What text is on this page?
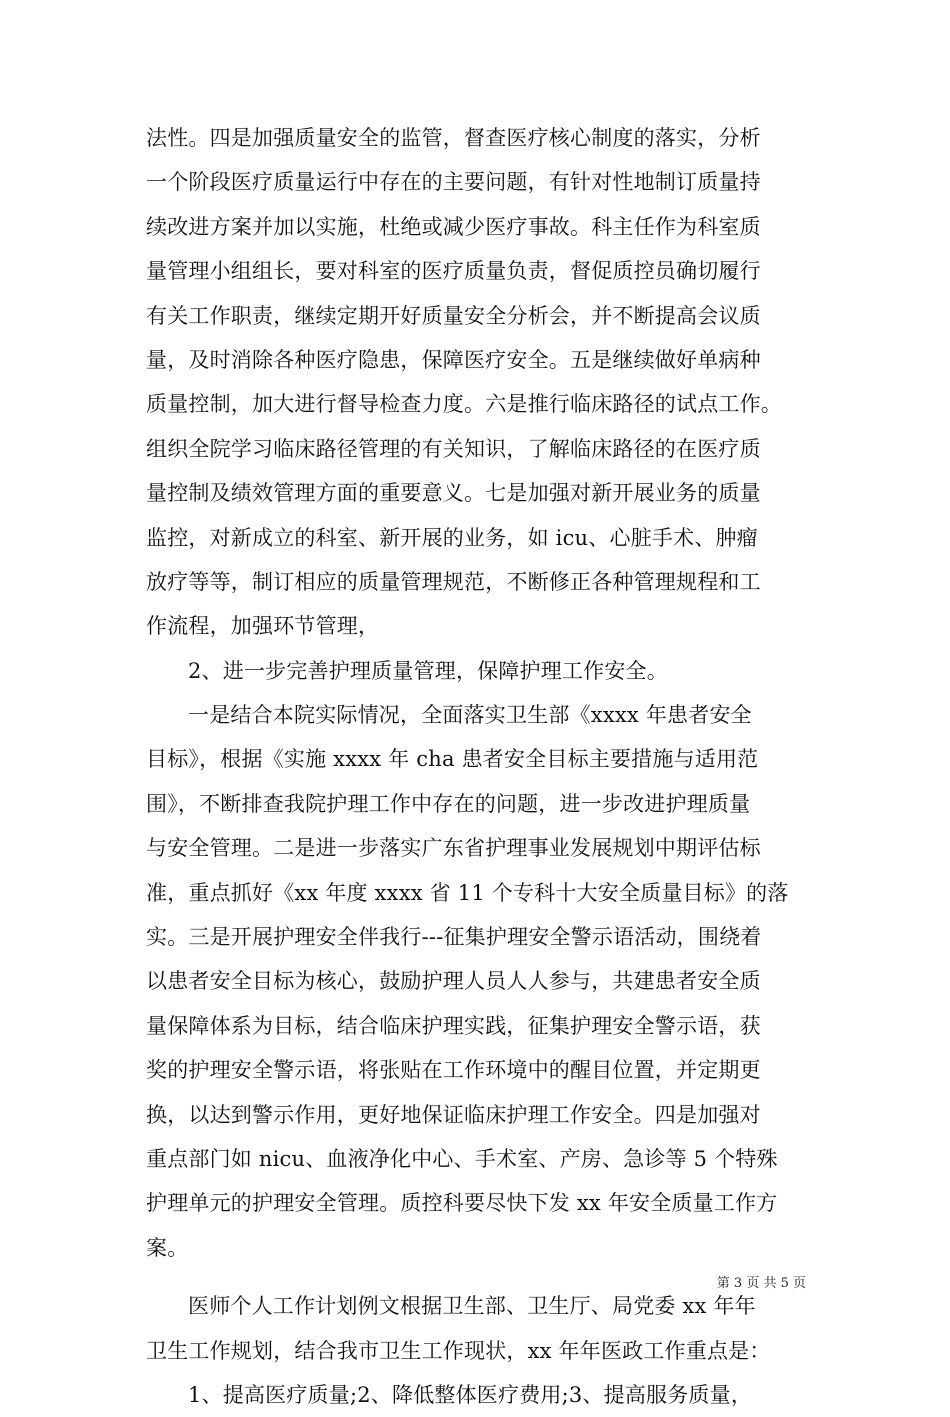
法性。四是加强质量安全的监管，督查医疗核心制度的落实，分析
一个阶段医疗质量运行中存在的主要问题，有针对性地制订质量持
续改进方案并加以实施，杜绝或减少医疗事故。科主任作为科室质
量管理小组组长，要对科室的医疗质量负责，督促质控员确切履行
有关工作职责，继续定期开好质量安全分析会，并不断提高会议质
量，及时消除各种医疗隐患，保障医疗安全。五是继续做好单病种
质量控制，加大进行督导检查力度。六是推行临床路径的试点工作。
组织全院学习临床路径管理的有关知识，了解临床路径的在医疗质
量控制及绩效管理方面的重要意义。七是加强对新开展业务的质量
监控，对新成立的科室、新开展的业务，如 icu、心脏手术、肿瘤
放疗等等，制订相应的质量管理规范，不断修正各种管理规程和工
作流程，加强环节管理，
2、进一步完善护理质量管理，保障护理工作安全。
一是结合本院实际情况，全面落实卫生部《xxxx 年患者安全
目标》，根据《实施 xxxx 年 cha 患者安全目标主要措施与适用范
围》，不断排查我院护理工作中存在的问题，进一步改进护理质量
与安全管理。二是进一步落实广东省护理事业发展规划中期评估标
准，重点抓好《xx 年度 xxxx 省 11 个专科十大安全质量目标》的落
实。三是开展护理安全伴我行---征集护理安全警示语活动，围绕着
以患者安全目标为核心，鼓励护理人员人人参与，共建患者安全质
量保障体系为目标，结合临床护理实践，征集护理安全警示语，获
奖的护理安全警示语，将张贴在工作环境中的醒目位置，并定期更
换，以达到警示作用，更好地保证临床护理工作安全。四是加强对
重点部门如 nicu、血液净化中心、手术室、产房、急诊等 5 个特殊
护理单元的护理安全管理。质控科要尽快下发 xx 年安全质量工作方
案。
医师个人工作计划例文根据卫生部、卫生厅、局党委 xx 年年
卫生工作规划，结合我市卫生工作现状，xx 年年医政工作重点是：
1、提高医疗质量;2、降低整体医疗费用;3、提高服务质量，
第 3 页 共 5 页
